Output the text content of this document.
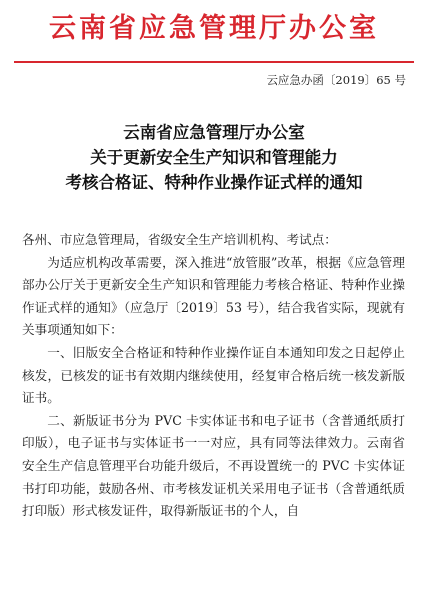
云南省应急管理厅办公室
云应急办函〔2019〕65 号
云南省应急管理厅办公室
关于更新安全生产知识和管理能力
考核合格证、特种作业操作证式样的通知

各州、市应急管理局，省级安全生产培训机构、考试点：

为适应机构改革需要，深入推进“放管服”改革，根据《应急管理部办公厅关于更新安全生产知识和管理能力考核合格证、特种作业操作证式样的通知》（应急厅〔2019〕53 号），结合我省实际，现就有关事项通知如下：

一、旧版安全合格证和特种作业操作证自本通知印发之日起停止核发，已核发的证书有效期内继续使用，经复审合格后统一核发新版证书。

二、新版证书分为 PVC 卡实体证书和电子证书（含普通纸质打印版），电子证书与实体证书一一对应，具有同等法律效力。云南省安全生产信息管理平台功能升级后，不再设置统一的 PVC 卡实体证书打印功能，鼓励各州、市考核发证机关采用电子证书（含普通纸质打印版）形式核发证件，取得新版证书的个人，自
